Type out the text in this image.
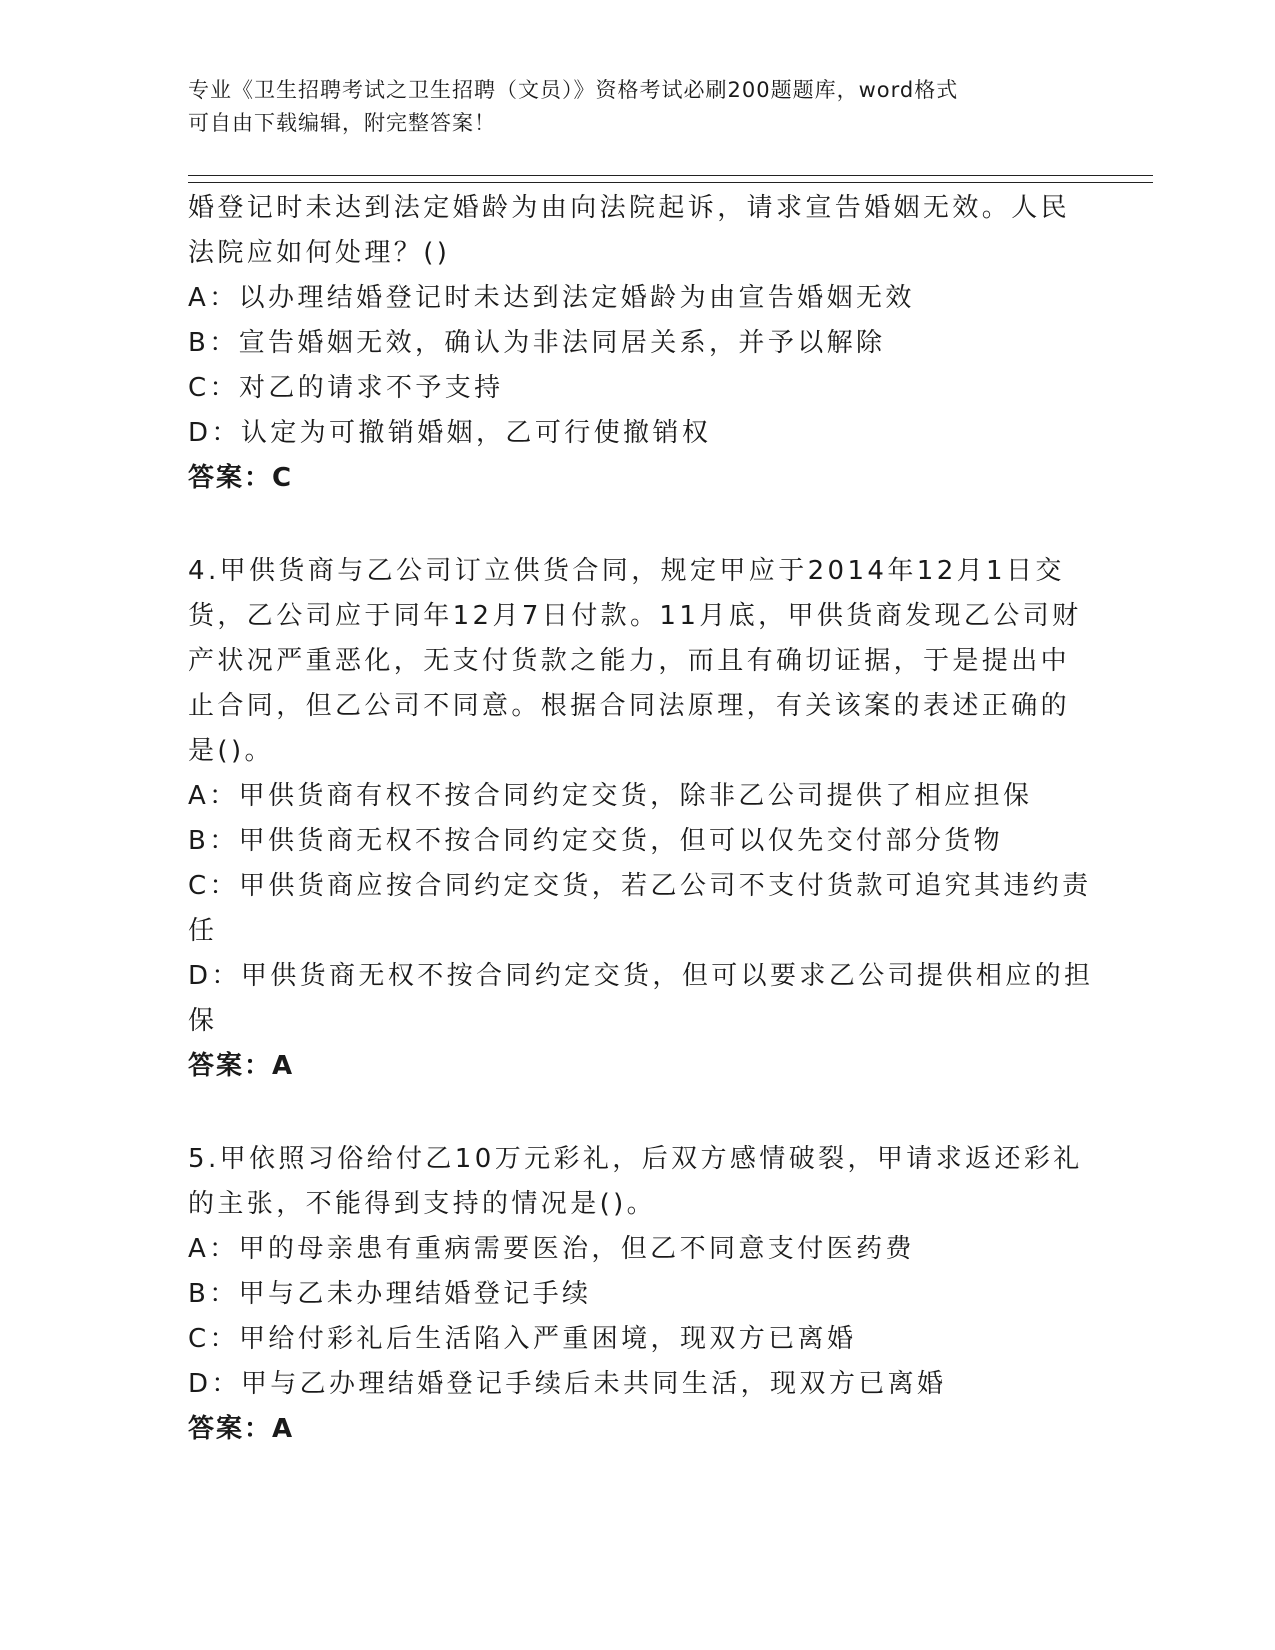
专业《卫生招聘考试之卫生招聘（文员）》资格考试必刷200题题库，word格式
可自由下载编辑，附完整答案！
婚登记时未达到法定婚龄为由向法院起诉，请求宣告婚姻无效。人民
法院应如何处理？()
A：以办理结婚登记时未达到法定婚龄为由宣告婚姻无效
B：宣告婚姻无效，确认为非法同居关系，并予以解除
C：对乙的请求不予支持
D：认定为可撤销婚姻，乙可行使撤销权
答案：C
4.甲供货商与乙公司订立供货合同，规定甲应于2014年12月1日交
货，乙公司应于同年12月7日付款。11月底，甲供货商发现乙公司财
产状况严重恶化，无支付货款之能力，而且有确切证据，于是提出中
止合同，但乙公司不同意。根据合同法原理，有关该案的表述正确的
是()。
A：甲供货商有权不按合同约定交货，除非乙公司提供了相应担保
B：甲供货商无权不按合同约定交货，但可以仅先交付部分货物
C：甲供货商应按合同约定交货，若乙公司不支付货款可追究其违约责
任
D：甲供货商无权不按合同约定交货，但可以要求乙公司提供相应的担
保
答案：A
5.甲依照习俗给付乙10万元彩礼，后双方感情破裂，甲请求返还彩礼
的主张，不能得到支持的情况是()。
A：甲的母亲患有重病需要医治，但乙不同意支付医药费
B：甲与乙未办理结婚登记手续
C：甲给付彩礼后生活陷入严重困境，现双方已离婚
D：甲与乙办理结婚登记手续后未共同生活，现双方已离婚
答案：A
